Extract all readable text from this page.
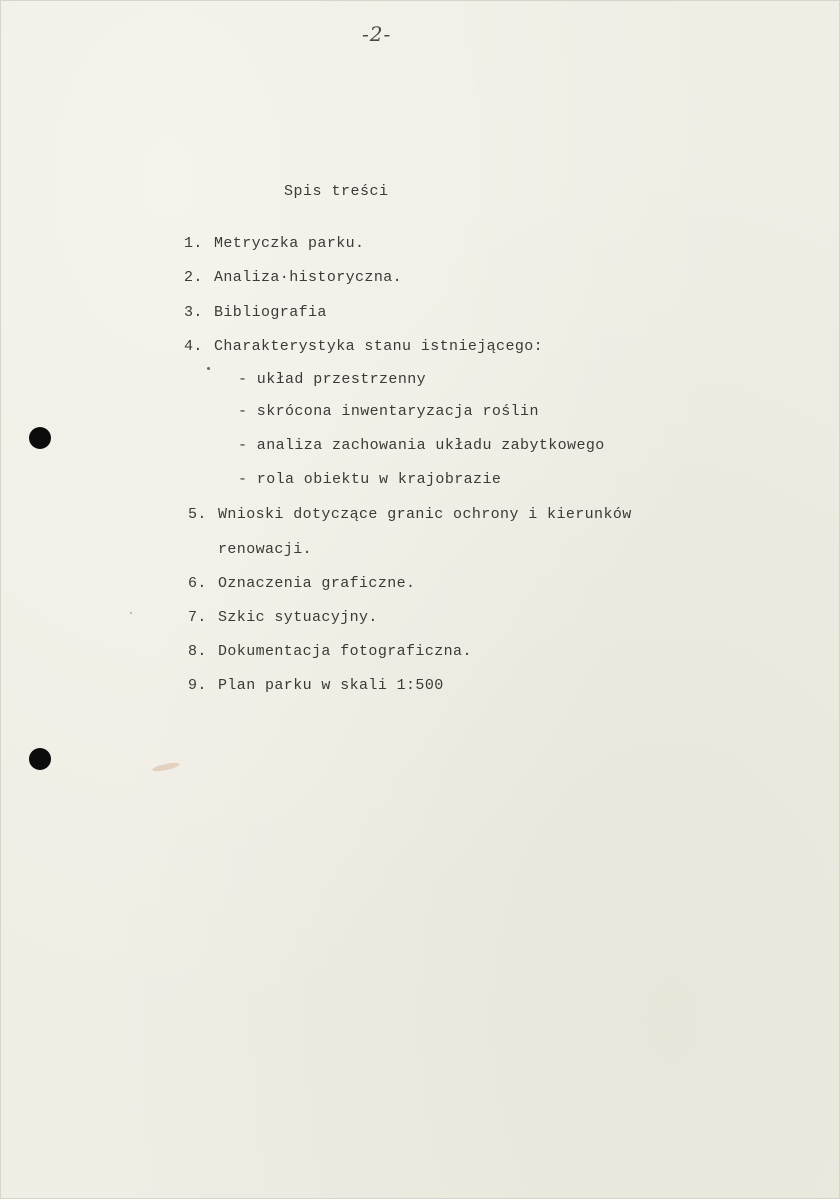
-2-
Spis treści
1. Metryczka parku.
2. Analiza·historyczna.
3. Bibliografia
4. Charakterystyka stanu istniejącego:
- układ przestrzenny
- skrócona inwentaryzacja roślin
- analiza zachowania układu zabytkowego
- rola obiektu w krajobrazie
5. Wnioski dotyczące granic ochrony i kierunków
renowacji.
6. Oznaczenia graficzne.
7. Szkic sytuacyjny.
8. Dokumentacja fotograficzna.
9. Plan parku w skali 1:500
